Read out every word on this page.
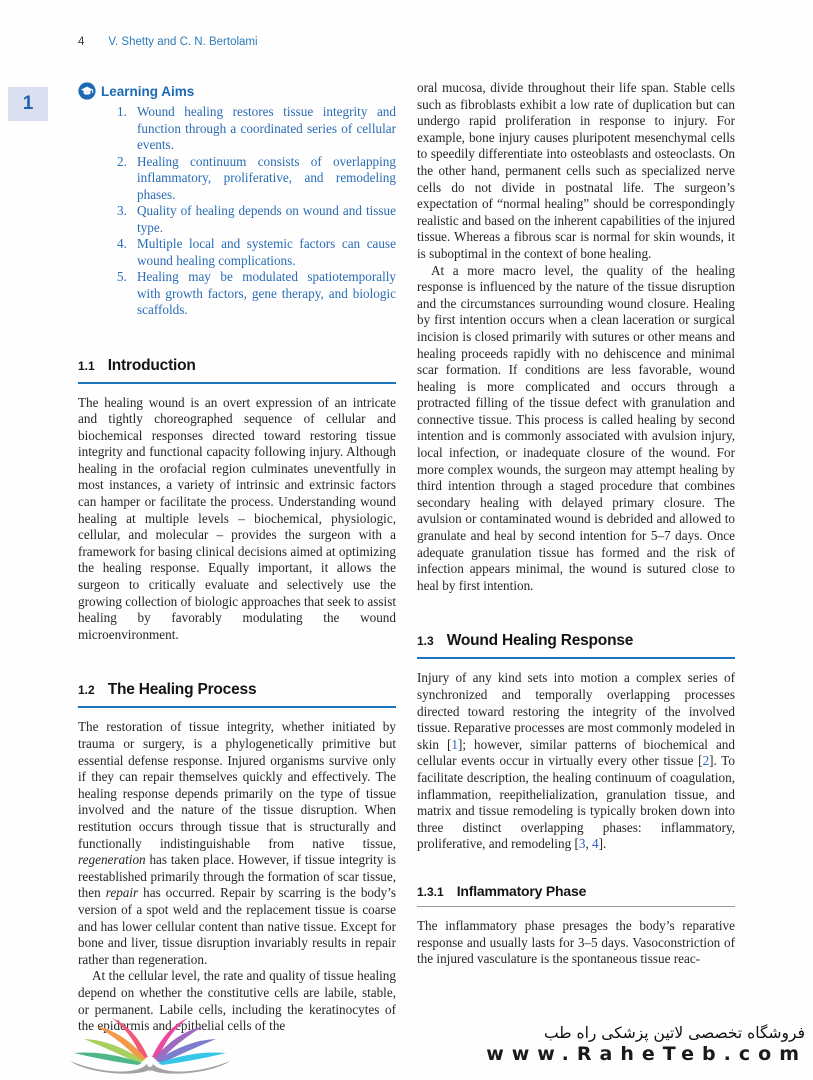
4 V. Shetty and C. N. Bertolami
1
Learning Aims
Wound healing restores tissue integrity and function through a coordinated series of cellular events.
Healing continuum consists of overlapping inflammatory, proliferative, and remodeling phases.
Quality of healing depends on wound and tissue type.
Multiple local and systemic factors can cause wound healing complications.
Healing may be modulated spatiotemporally with growth factors, gene therapy, and biologic scaffolds.
1.1 Introduction

The healing wound is an overt expression of an intricate and tightly choreographed sequence of cellular and biochemical responses directed toward restoring tissue integrity and functional capacity following injury. Although healing in the orofacial region culminates uneventfully in most instances, a variety of intrinsic and extrinsic factors can hamper or facilitate the process. Understanding wound healing at multiple levels – biochemical, physiologic, cellular, and molecular – provides the surgeon with a framework for basing clinical decisions aimed at optimizing the healing response. Equally important, it allows the surgeon to critically evaluate and selectively use the growing collection of biologic approaches that seek to assist healing by favorably modulating the wound microenvironment.

1.2 The Healing Process

The restoration of tissue integrity, whether initiated by trauma or surgery, is a phylogenetically primitive but essential defense response. Injured organisms survive only if they can repair themselves quickly and effectively. The healing response depends primarily on the type of tissue involved and the nature of the tissue disruption. When restitution occurs through tissue that is structurally and functionally indistinguishable from native tissue, regeneration has taken place. However, if tissue integrity is reestablished primarily through the formation of scar tissue, then repair has occurred. Repair by scarring is the body’s version of a spot weld and the replacement tissue is coarse and has lower cellular content than native tissue. Except for bone and liver, tissue disruption invariably results in repair rather than regeneration.

At the cellular level, the rate and quality of tissue healing depend on whether the constitutive cells are labile, stable, or permanent. Labile cells, including the keratinocytes of the epidermis and epithelial cells of the

oral mucosa, divide throughout their life span. Stable cells such as fibroblasts exhibit a low rate of duplication but can undergo rapid proliferation in response to injury. For example, bone injury causes pluripotent mesenchymal cells to speedily differentiate into osteoblasts and osteoclasts. On the other hand, permanent cells such as specialized nerve cells do not divide in postnatal life. The surgeon’s expectation of “normal healing” should be correspondingly realistic and based on the inherent capabilities of the injured tissue. Whereas a fibrous scar is normal for skin wounds, it is suboptimal in the context of bone healing.

At a more macro level, the quality of the healing response is influenced by the nature of the tissue disruption and the circumstances surrounding wound closure. Healing by first intention occurs when a clean laceration or surgical incision is closed primarily with sutures or other means and healing proceeds rapidly with no dehiscence and minimal scar formation. If conditions are less favorable, wound healing is more complicated and occurs through a protracted filling of the tissue defect with granulation and connective tissue. This process is called healing by second intention and is commonly associated with avulsion injury, local infection, or inadequate closure of the wound. For more complex wounds, the surgeon may attempt healing by third intention through a staged procedure that combines secondary healing with delayed primary closure. The avulsion or contaminated wound is debrided and allowed to granulate and heal by second intention for 5–7 days. Once adequate granulation tissue has formed and the risk of infection appears minimal, the wound is sutured close to heal by first intention.

1.3 Wound Healing Response

Injury of any kind sets into motion a complex series of synchronized and temporally overlapping processes directed toward restoring the integrity of the involved tissue. Reparative processes are most commonly modeled in skin [1]; however, similar patterns of biochemical and cellular events occur in virtually every other tissue [2]. To facilitate description, the healing continuum of coagulation, inflammation, reepithelialization, granulation tissue, and matrix and tissue remodeling is typically broken down into three distinct overlapping phases: inflammatory, proliferative, and remodeling [3, 4].

1.3.1 Inflammatory Phase

The inflammatory phase presages the body’s reparative response and usually lasts for 3–5 days. Vasoconstriction of the injured vasculature is the spontaneous tissue reac-

فروشگاه تخصصی لاتین پزشکی راه طب
www.RaheTeb.com
